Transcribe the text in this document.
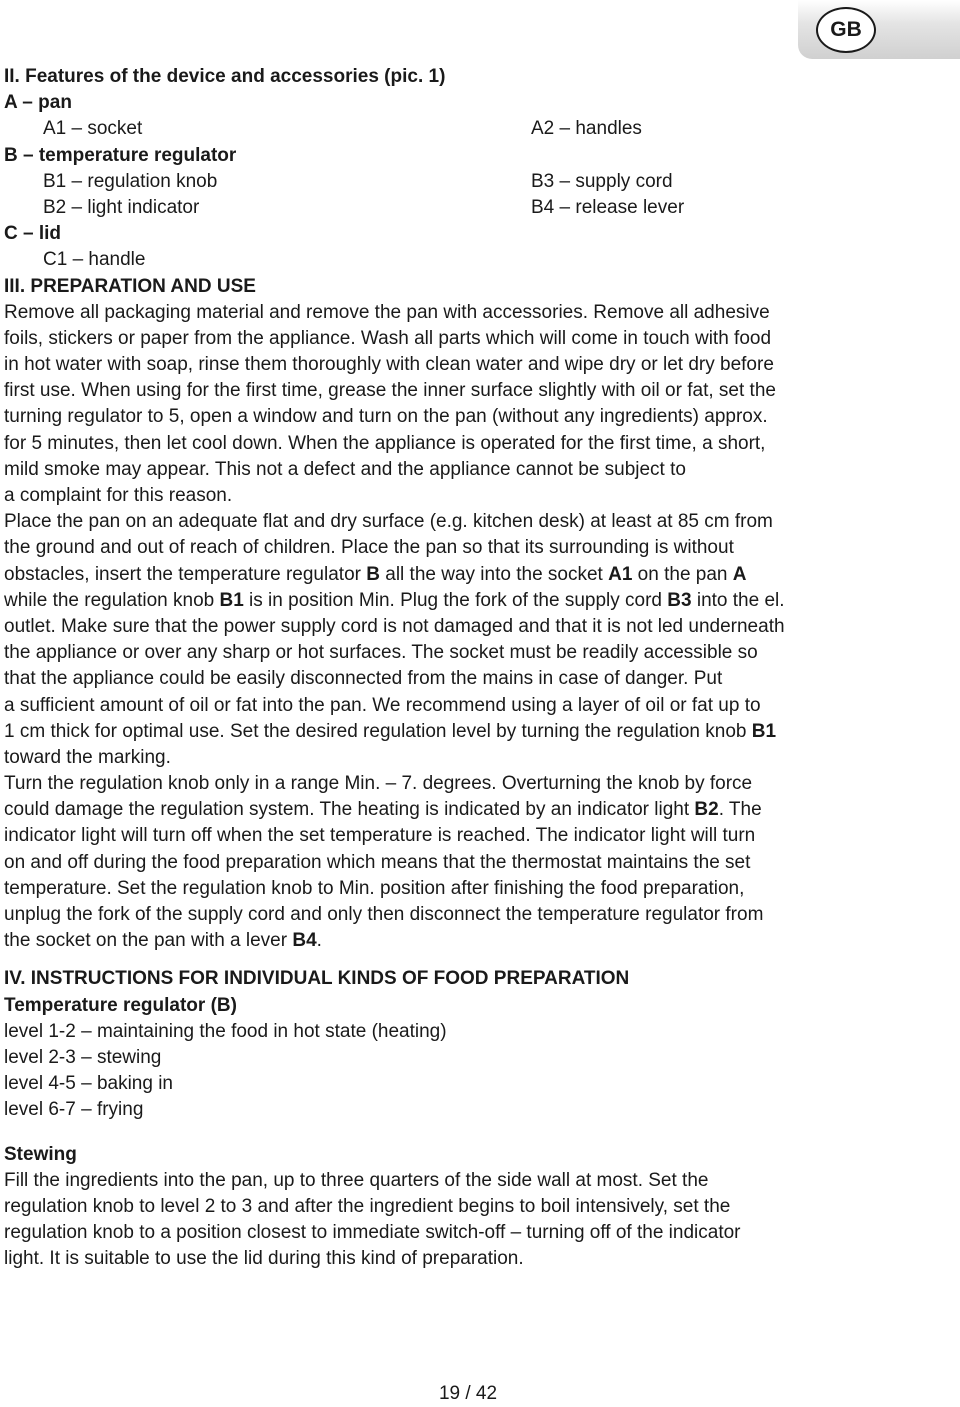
GB
II. Features of the device and accessories (pic. 1)
A – pan
A1 – socket	A2 – handles
B – temperature regulator
B1 – regulation knob	B3 – supply cord
B2 – light indicator	B4 – release lever
C – lid
C1 – handle
III. PREPARATION AND USE
Remove all packaging material and remove the pan with accessories. Remove all adhesive
foils, stickers or paper from the appliance. Wash all parts which will come in touch with food
in hot water with soap, rinse them thoroughly with clean water and wipe dry or let dry before
first use. When using for the first time, grease the inner surface slightly with oil or fat, set the
turning regulator to 5, open a window and turn on the pan (without any ingredients) approx.
for 5 minutes, then let cool down. When the appliance is operated for the first time, a short,
mild smoke may appear. This not a defect and the appliance cannot be subject to
a complaint for this reason.
Place the pan on an adequate flat and dry surface (e.g. kitchen desk) at least at 85 cm from
the ground and out of reach of children. Place the pan so that its surrounding is without
obstacles, insert the temperature regulator B all the way into the socket A1 on the pan A
while the regulation knob B1 is in position Min. Plug the fork of the supply cord B3 into the el.
outlet. Make sure that the power supply cord is not damaged and that it is not led underneath
the appliance or over any sharp or hot surfaces. The socket must be readily accessible so
that the appliance could be easily disconnected from the mains in case of danger. Put
a sufficient amount of oil or fat into the pan. We recommend using a layer of oil or fat up to
1 cm thick for optimal use. Set the desired regulation level by turning the regulation knob B1
toward the marking.
Turn the regulation knob only in a range Min. – 7. degrees. Overturning the knob by force
could damage the regulation system. The heating is indicated by an indicator light B2. The
indicator light will turn off when the set temperature is reached. The indicator light will turn
on and off during the food preparation which means that the thermostat maintains the set
temperature. Set the regulation knob to Min. position after finishing the food preparation,
unplug the fork of the supply cord and only then disconnect the temperature regulator from
the socket on the pan with a lever B4.
IV. INSTRUCTIONS FOR INDIVIDUAL KINDS OF FOOD PREPARATION
Temperature regulator (B)
level 1-2 – maintaining the food in hot state (heating)
level 2-3 – stewing
level 4-5 – baking in
level 6-7 – frying
Stewing
Fill the ingredients into the pan, up to three quarters of the side wall at most. Set the
regulation knob to level 2 to 3 and after the ingredient begins to boil intensively, set the
regulation knob to a position closest to immediate switch-off – turning off of the indicator
light. It is suitable to use the lid during this kind of preparation.
19 / 42
